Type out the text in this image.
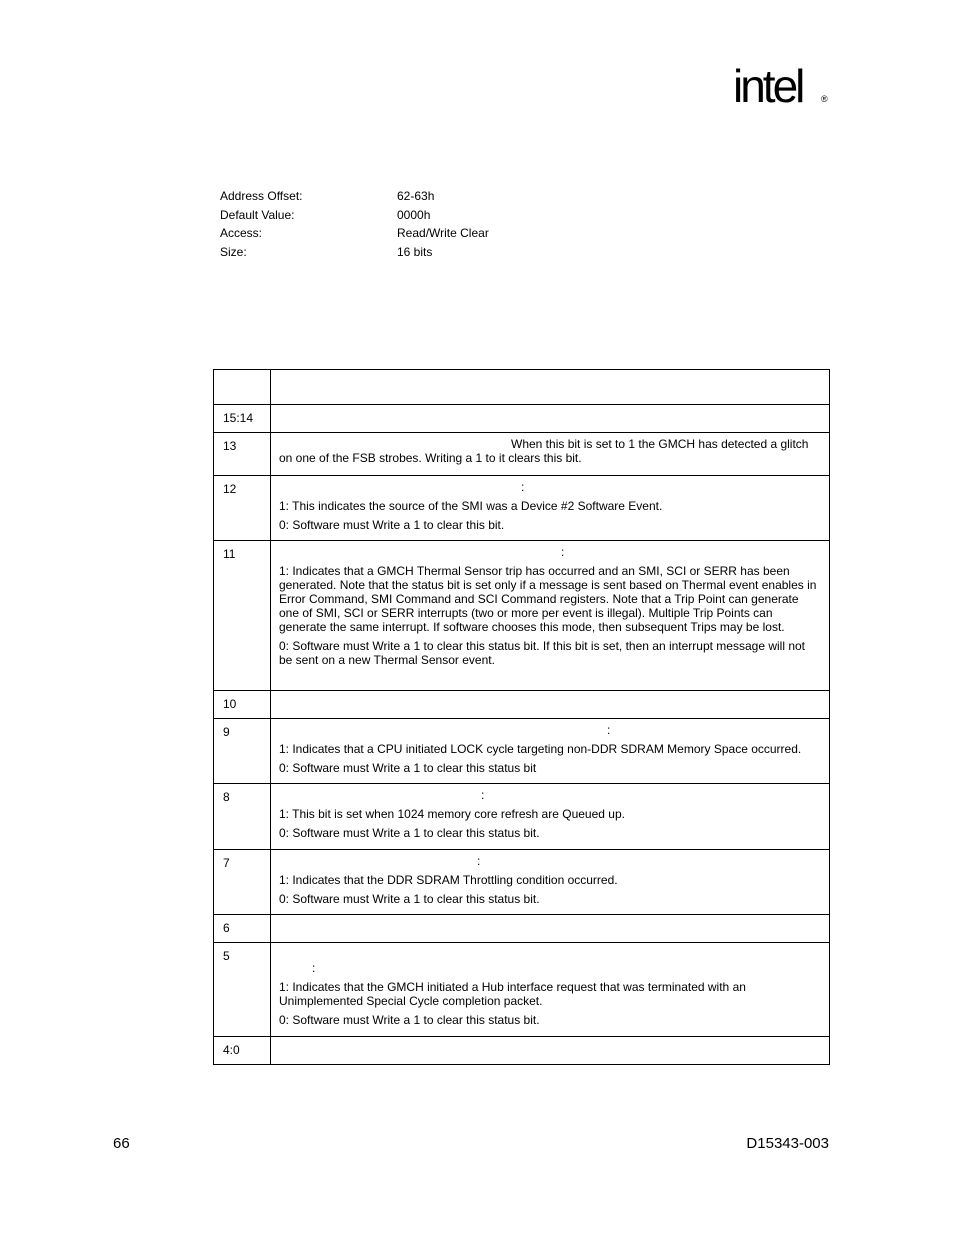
intel ®
Address Offset:	62-63h
Default Value:	0000h
Access:	Read/Write Clear
Size:	16 bits

15:14	

13	When this bit is set to 1 the GMCH has detected a glitch on one of the FSB strobes. Writing a 1 to it clears this bit.

12	:

1: This indicates the source of the SMI was a Device #2 Software Event.

0: Software must Write a 1 to clear this bit.

11	:

1: Indicates that a GMCH Thermal Sensor trip has occurred and an SMI, SCI or SERR has been generated. Note that the status bit is set only if a message is sent based on Thermal event enables in Error Command, SMI Command and SCI Command registers. Note that a Trip Point can generate one of SMI, SCI or SERR interrupts (two or more per event is illegal). Multiple Trip Points can generate the same interrupt. If software chooses this mode, then subsequent Trips may be lost.

0: Software must Write a 1 to clear this status bit. If this bit is set, then an interrupt message will not be sent on a new Thermal Sensor event.

10	

9	:

1: Indicates that a CPU initiated LOCK cycle targeting non-DDR SDRAM Memory Space occurred.

0: Software must Write a 1 to clear this status bit

8	:

1: This bit is set when 1024 memory core refresh are Queued up.

0: Software must Write a 1 to clear this status bit.

7	:

1: Indicates that the DDR SDRAM Throttling condition occurred.

0: Software must Write a 1 to clear this status bit.

6	

5	:

1: Indicates that the GMCH initiated a Hub interface request that was terminated with an Unimplemented Special Cycle completion packet.

0: Software must Write a 1 to clear this status bit.

4:0	

66	D15343-003
